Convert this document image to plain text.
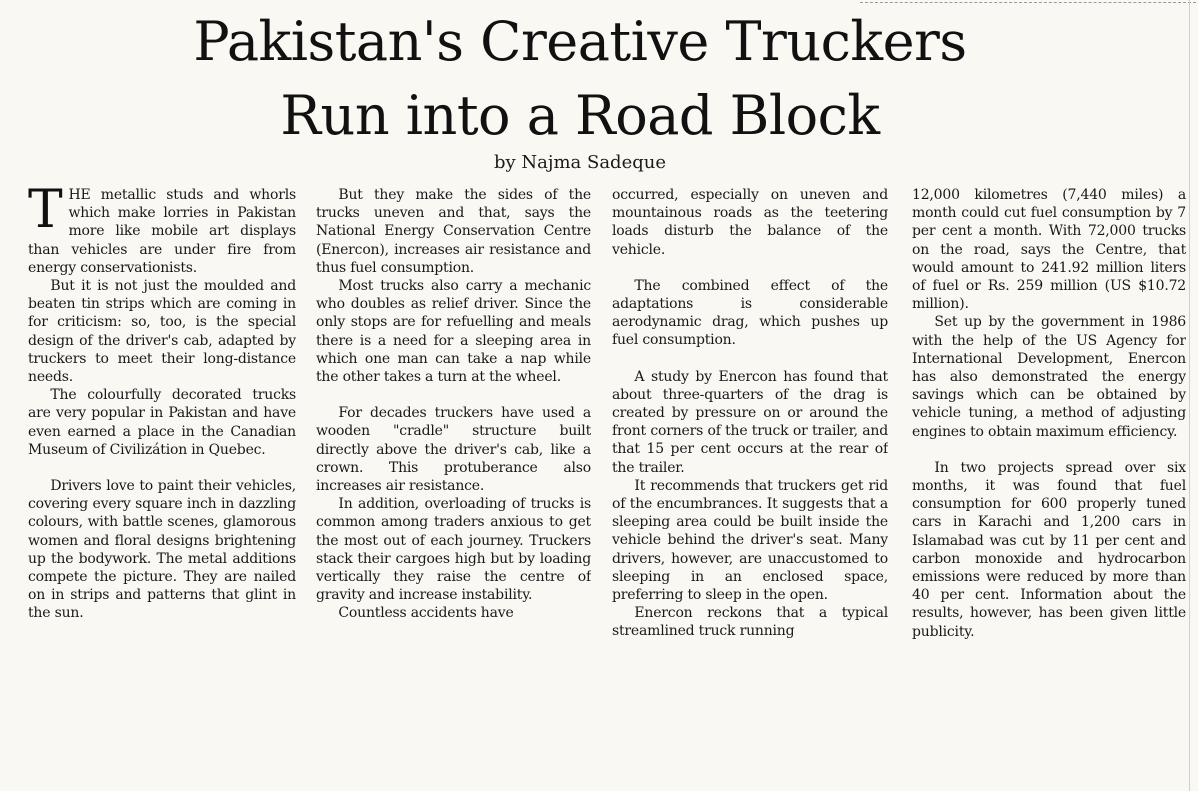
Pakistan's Creative Truckers
Run into a Road Block
by Najma Sadeque

THE metallic studs and whorls which make lorries in Pakistan more like mobile art displays than vehicles are under fire from energy conservationists.

But it is not just the moulded and beaten tin strips which are coming in for criticism: so, too, is the special design of the driver's cab, adapted by truckers to meet their long-distance needs.

The colourfully decorated trucks are very popular in Pakistan and have even earned a place in the Canadian Museum of Civilizátion in Quebec.

Drivers love to paint their vehicles, covering every square inch in dazzling colours, with battle scenes, glamorous women and floral designs brightening up the bodywork. The metal additions compete the picture. They are nailed on in strips and patterns that glint in the sun.

But they make the sides of the trucks uneven and that, says the National Energy Conservation Centre (Enercon), increases air resistance and thus fuel consumption.

Most trucks also carry a mechanic who doubles as relief driver. Since the only stops are for refuelling and meals there is a need for a sleeping area in which one man can take a nap while the other takes a turn at the wheel.

For decades truckers have used a wooden "cradle" structure built directly above the driver's cab, like a crown. This protuberance also increases air resistance.

In addition, overloading of trucks is common among traders anxious to get the most out of each journey. Truckers stack their cargoes high but by loading vertically they raise the centre of gravity and increase instability.

Countless accidents have

occurred, especially on uneven and mountainous roads as the teetering loads disturb the balance of the vehicle.

The combined effect of the adaptations is considerable aerodynamic drag, which pushes up fuel consumption.

A study by Enercon has found that about three-quarters of the drag is created by pressure on or around the front corners of the truck or trailer, and that 15 per cent occurs at the rear of the trailer.

It recommends that truckers get rid of the encumbrances. It suggests that a sleeping area could be built inside the vehicle behind the driver's seat. Many drivers, however, are unaccustomed to sleeping in an enclosed space, preferring to sleep in the open.

Enercon reckons that a typical streamlined truck running

12,000 kilometres (7,440 miles) a month could cut fuel consumption by 7 per cent a month. With 72,000 trucks on the road, says the Centre, that would amount to 241.92 million liters of fuel or Rs. 259 million (US $10.72 million).

Set up by the government in 1986 with the help of the US Agency for International Development, Enercon has also demonstrated the energy savings which can be obtained by vehicle tuning, a method of adjusting engines to obtain maximum efficiency.

In two projects spread over six months, it was found that fuel consumption for 600 properly tuned cars in Karachi and 1,200 cars in Islamabad was cut by 11 per cent and carbon monoxide and hydrocarbon emissions were reduced by more than 40 per cent. Information about the results, however, has been given little publicity.
